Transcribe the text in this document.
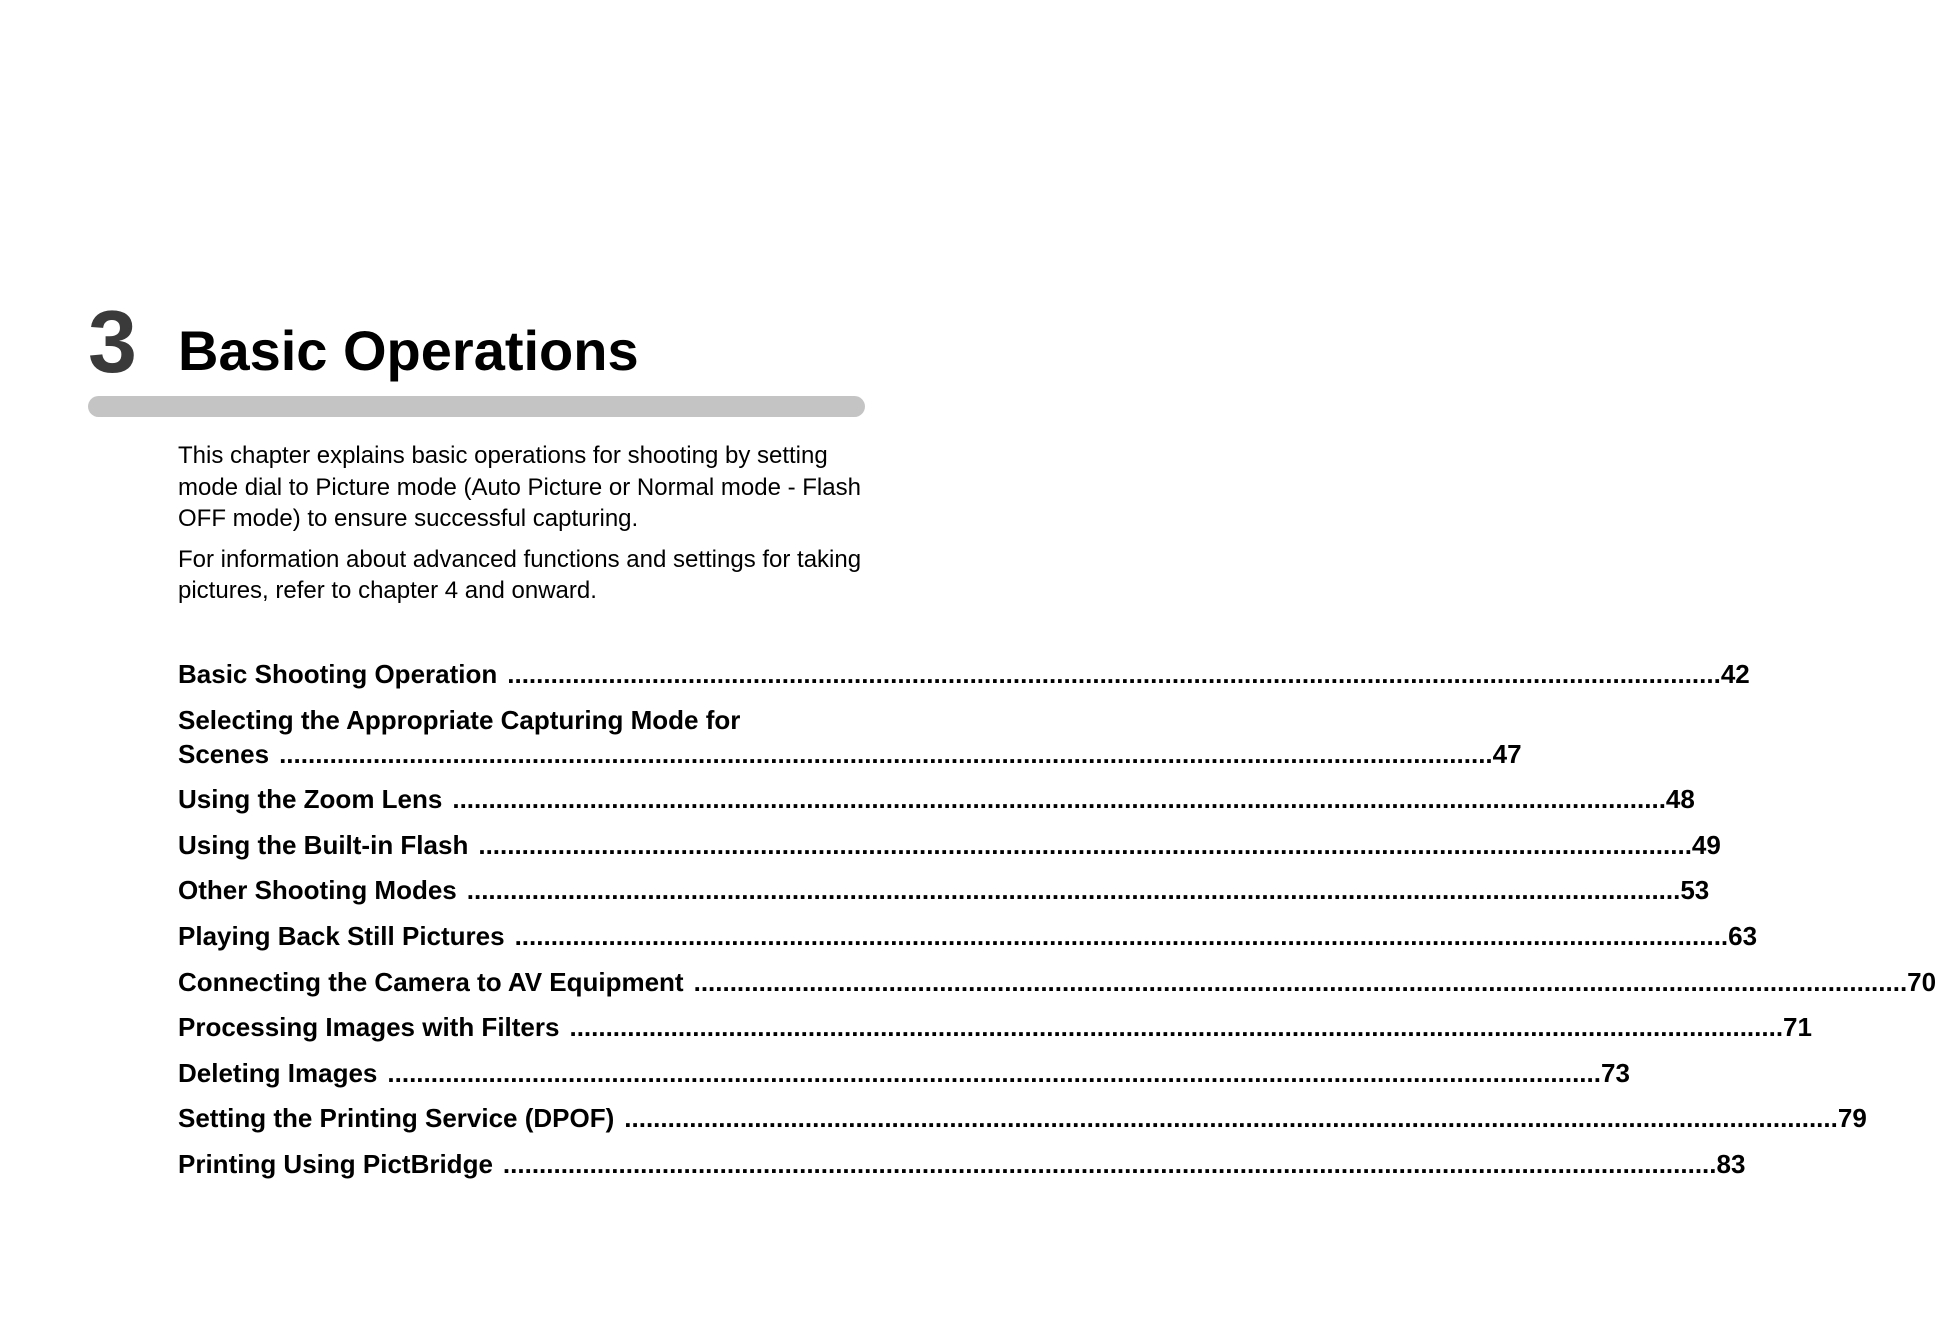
3 Basic Operations

This chapter explains basic operations for shooting by setting mode dial to Picture mode (Auto Picture or Normal mode - Flash OFF mode) to ensure successful capturing.

For information about advanced functions and settings for taking pictures, refer to chapter 4 and onward.

Basic Shooting Operation ........................................................................................................................................................................ 42
Selecting the Appropriate Capturing Mode for
Scenes ........................................................................................................................................................................ 47
Using the Zoom Lens ........................................................................................................................................................................ 48
Using the Built-in Flash ........................................................................................................................................................................ 49
Other Shooting Modes ........................................................................................................................................................................ 53
Playing Back Still Pictures ........................................................................................................................................................................ 63
Connecting the Camera to AV Equipment ........................................................................................................................................................................ 70
Processing Images with Filters ........................................................................................................................................................................ 71
Deleting Images ........................................................................................................................................................................ 73
Setting the Printing Service (DPOF) ........................................................................................................................................................................ 79
Printing Using PictBridge ........................................................................................................................................................................ 83
